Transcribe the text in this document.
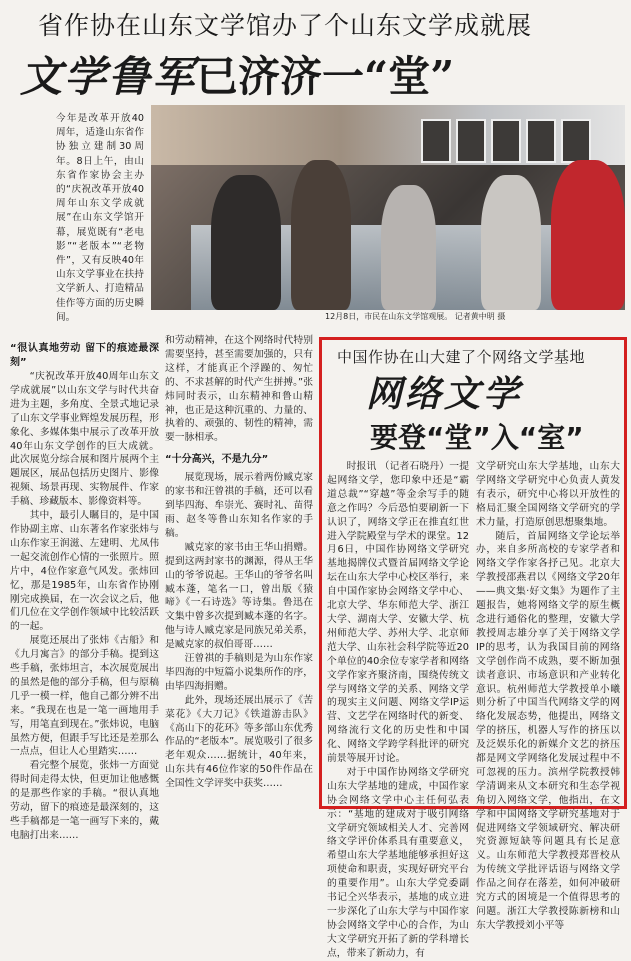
省作协在山东文学馆办了个山东文学成就展
文学鲁军已济济一“堂”
今年是改革开放40周年，适逢山东省作协独立建制30周年。8日上午，由山东省作家协会主办的“庆祝改革开放40周年山东文学成就展”在山东文学馆开幕，展览既有“老电影”“老版本”“老物件”，又有反映40年山东文学事业在扶持文学新人、打造精品佳作等方面的历史瞬间。	12月8日，市民在山东文学馆观展。 记者黄中明 摄

“很认真地劳动 留下的痕迹最深刻”

“庆祝改革开放40周年山东文学成就展”以山东文学与时代共奋进为主题，多角度、全景式地记录了山东文学事业辉煌发展历程，形象化、多媒体集中展示了改革开放40年山东文学创作的巨大成就。此次展览分综合展和图片展两个主题展区，展品包括历史图片、影像视频、场景再现、实物展件、作家手稿、珍藏版本、影像资料等。

其中，最引人瞩目的，是中国作协副主席、山东著名作家张炜与山东作家王润滋、左建明、尤凤伟一起交流创作心情的一张照片。照片中，4位作家意气风发。张炜回忆，那是1985年，山东省作协刚刚完成换届，在一次会议之后，他们几位在文学创作领域中比较活跃的一起。

展览还展出了张炜《古船》和《九月寓言》的部分手稿。提到这些手稿，张炜坦言，本次展览展出的虽然是他的部分手稿，但与原稿几乎一模一样，他自己都分辨不出来。“我现在也是一笔一画地用手写，用笔直到现在。”张炜说，电脑虽然方便，但跟手写比还是差那么一点点，但让人心里踏实……

看完整个展览，张炜一方面觉得时间走得太快，但更加让他感慨的是那些作家的手稿。“很认真地劳动，留下的痕迹是最深刻的，这些手稿都是一笔一画写下来的，戴电脑打出来……

和劳动精神，在这个网络时代特别需要坚持，甚至需要加强的，只有这样，才能真正个浮躁的、匆忙的、不求甚解的时代产生拼搏。”张炜同时表示，山东精神和鲁山精神，也正是这种沉重的、力量的、执着的、顽强的、韧性的精神，需要一脉相承。

“十分高兴，不是九分”

展览现场，展示着两份臧克家的家书和汪曾祺的手稿，还可以看到毕四海、牟崇光、赛时礼、苗得雨、赵冬等鲁山东知名作家的手稿。

臧克家的家书由王华山捐赠。提到这两封家书的渊源，得从王华山的爷爷说起。王华山的爷爷名叫臧本蓬，笔名一口，曾出版《猿啼》《一石诗选》等诗集。鲁迅在文集中曾多次提到臧本蓬的名字。他与诗人臧克家是同族兄弟关系，是臧克家的叔伯哥哥……

汪曾祺的手稿则是为山东作家毕四海的中短篇小说集所作的序，由毕四海捐赠。

此外，现场还展出展示了《苦菜花》《大刀记》《铁道游击队》《高山下的花环》等多部山东优秀作品的“老版本”。展览吸引了很多老年观众……据统计，40年来，山东共有46位作家的50件作品在全国性文学评奖中获奖……

中国作协在山大建了个网络文学基地
网络文学
要登“堂”入“室”

时报讯 （记者石晓丹）一提起网络文学，您印象中还是“霸道总裁”“穿越”等金余写手的随意之作吗？今后恐怕要刷新一下认识了，网络文学正在推直红世进入学院殿堂与学术的课堂。12月6日，中国作协网络文学研究基地揭牌仪式暨首届网络文学论坛在山东大学中心校区举行，来自中国作家协会网络文学中心、北京大学、华东师范大学、浙江大学、湖南大学、安徽大学、杭州师范大学、苏州大学、北京师范大学、山东社会科学院等近20个单位的40余位专家学者和网络文学作家齐聚济南，围绕传统文学与网络文学的关系、网络文学的现实主义问题、网络文学IP运营、文艺学在网络时代的新变、网络流行文化的历史性和中国化、网络文学跨学科批评的研究前景等展开讨论。

对于中国作协网络文学研究山东大学基地的建成，中国作家协会网络文学中心主任何弘表示：“基地的建成对于吸引网络文学研究领域相关人才、完善网络文学评价体系具有重要意义，希望山东大学基地能够承担好这项使命和职责，实现好研究平台的重要作用”。山东大学党委副书记仝兴华表示，基地的成立进一步深化了山东大学与中国作家协会网络文学中心的合作，为山大文学研究开拓了新的学科增长点，带来了新动力，有

文学研究山东大学基地，山东大学网络文学研究中心负责人黄发有表示，研究中心将以开放性的格局汇聚全国网络文学研究的学术力量，打造原创思想聚集地。

随后，首届网络文学论坛举办，来自多所高校的专家学者和网络文学作家各抒己见。北京大学教授邵燕君以《网络文学20年——典文集·好文集》为题作了主题报告，她将网络文学的原生概念进行通俗化的整理，安徽大学教授周志雄分享了关于网络文学IP的思考，认为我国目前的网络文学创作尚不成熟，要不断加强读者意识、市场意识和产业转化意识。杭州师范大学教授单小曦则分析了中国当代网络文学的网络化发展态势，他提出，网络文学的挤压，机器人写作的挤压以及泛娱乐化的新媒介文艺的挤压都是网文学网络化发展过程中不可忽视的压力。滨州学院教授韩学清调来从文本研究和生态学视角切入网络文学，他指出，在文学和中国网络文学研究基地对于促进网络文学领域研究、解决研究资源短缺等问题具有长足意义。山东师范大学教授郑晋校从为传统文学批评话语与网络文学作品之间存在落差，如何冲破研究方式的困境是一个值得思考的问题。浙江大学教授陈新榜和山东大学教授刘小平等
